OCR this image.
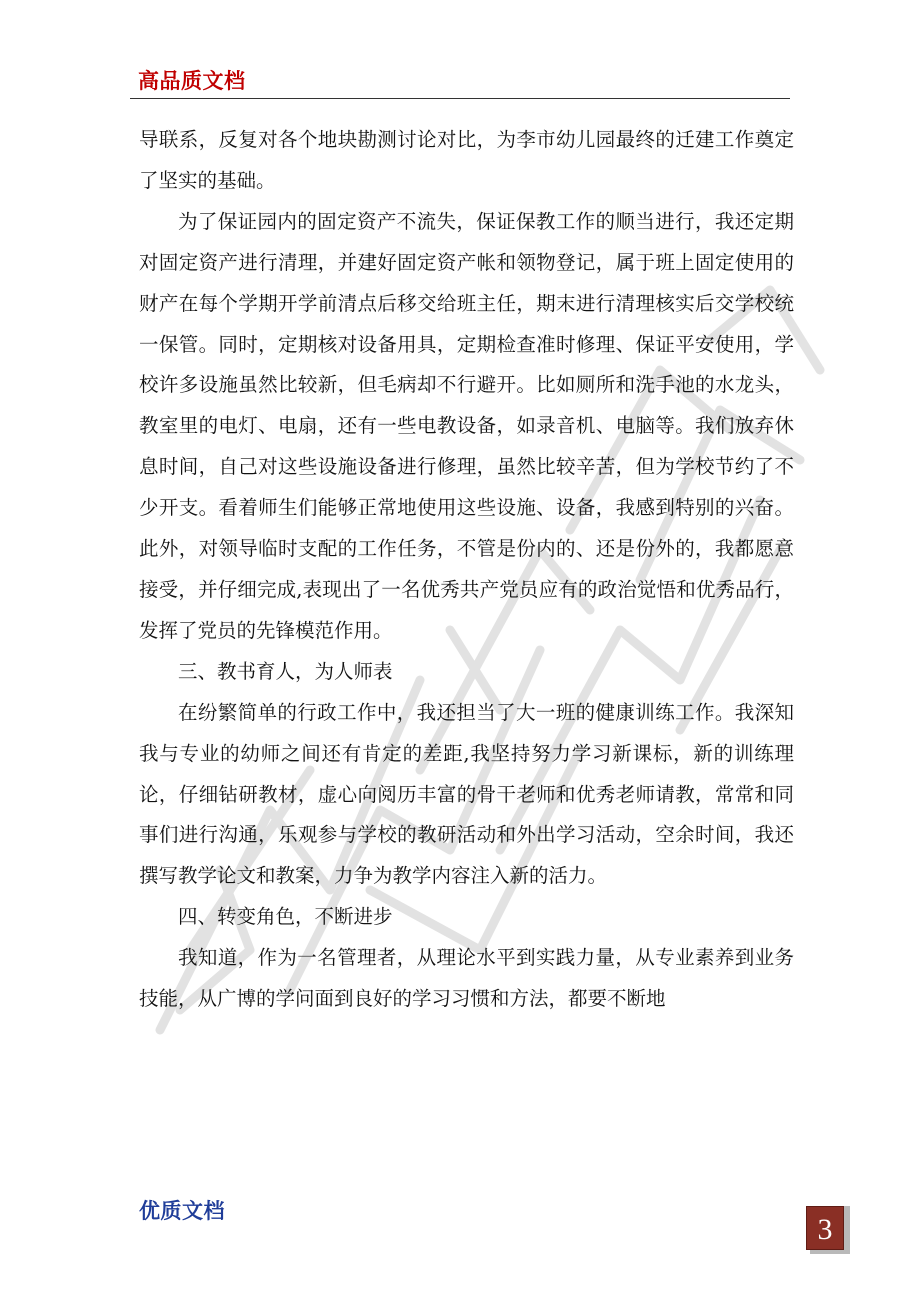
高品质文档

导联系，反复对各个地块勘测讨论对比，为李市幼儿园最终的迁建工作奠定了坚实的基础。

为了保证园内的固定资产不流失，保证保教工作的顺当进行，我还定期对固定资产进行清理，并建好固定资产帐和领物登记，属于班上固定使用的财产在每个学期开学前清点后移交给班主任，期末进行清理核实后交学校统一保管。同时，定期核对设备用具，定期检查准时修理、保证平安使用，学校许多设施虽然比较新，但毛病却不行避开。比如厕所和洗手池的水龙头，教室里的电灯、电扇，还有一些电教设备，如录音机、电脑等。我们放弃休息时间，自己对这些设施设备进行修理，虽然比较辛苦，但为学校节约了不少开支。看着师生们能够正常地使用这些设施、设备，我感到特别的兴奋。此外，对领导临时支配的工作任务，不管是份内的、还是份外的，我都愿意接受，并仔细完成,表现出了一名优秀共产党员应有的政治觉悟和优秀品行，发挥了党员的先锋模范作用。

三、教书育人，为人师表

在纷繁简单的行政工作中，我还担当了大一班的健康训练工作。我深知我与专业的幼师之间还有肯定的差距,我坚持努力学习新课标，新的训练理论，仔细钻研教材，虚心向阅历丰富的骨干老师和优秀老师请教，常常和同事们进行沟通，乐观参与学校的教研活动和外出学习活动，空余时间，我还撰写教学论文和教案，力争为教学内容注入新的活力。

四、转变角色，不断进步

我知道，作为一名管理者，从理论水平到实践力量，从专业素养到业务技能，从广博的学问面到良好的学习习惯和方法，都要不断地

优质文档
3
